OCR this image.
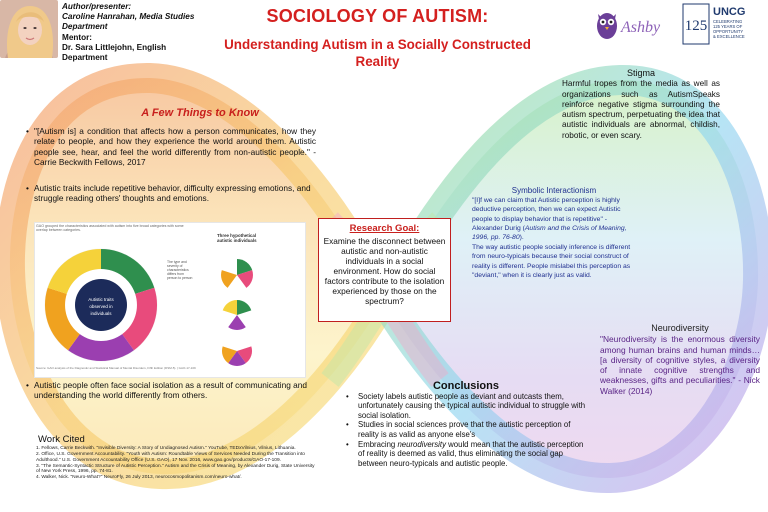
Author/presenter:
Caroline Hanrahan, Media Studies Department
Mentor:
Dr. Sara Littlejohn, English Department
SOCIOLOGY OF AUTISM:
Understanding Autism in a Socially Constructed Reality
Ashby 125
UNCG
CELEBRATING
125 YEARS OF
OPPORTUNITY
& EXCELLENCE
A Few Things to Know

• "[Autism is] a condition that affects how a person communicates, how they relate to people, and how they experience the world around them. Autistic people see, hear, and feel the world differently from non-autistic people." - Carrie Beckwith Fellows, 2017

• Autistic traits include repetitive behavior, difficulty expressing emotions, and struggle reading others' thoughts and emotions.

Autistic traits
observed in
individuals
Three hypothetical
autistic individuals
The type and
severity of
characteristics
differs from
person to person
GAO grouped the characteristics associated with autism into five broad categories with some overlap between categories.
Source: GAO analysis of the Diagnostic and Statistical Manual of Mental Disorders, Fifth Edition (DSM-5). | GAO-17-109

• Autistic people often face social isolation as a result of communicating and understanding the world differently from others.

Work Cited

1. Fellows, Carrie Beckwith. "Invisible Diversity: A Story of Undiagnosed Autism." YouTube, TEDxVilnius, Vilnius, Lithuania.

2. Office, U.S. Government Accountability. "Youth with Autism: Roundtable Views of Services Needed During the Transition into Adulthood." U.S. Government Accountability Office (U.S. GAO), 17 Nov. 2016, www.gao.gov/products/GAO-17-109.

3. "The Semantic-Syntactic Structure of Autistic Perception." Autism and the Crisis of Meaning, by Alexander Durig, State University of New York Press, 1996, pp. 74-81.

4. Walker, Nick. "Neuro-What?" NeuroFly, 26 July 2013, neurocosmopolitanism.com/neuro-what/.

Research Goal:
Examine the disconnect between autistic and non-autistic individuals in a social environment. How do social factors contribute to the isolation experienced by those on the spectrum?
Stigma
Harmful tropes from the media as well as organizations such as AutismSpeaks reinforce negative stigma surrounding the autism spectrum, perpetuating the idea that autistic individuals are abnormal, childish, robotic, or even scary.
Symbolic Interactionism

"[I]f we can claim that Autistic perception is highly deductive perception, then we can expect Autistic people to display behavior that is repetitive" - Alexander Durig (Autism and the Crisis of Meaning, 1996, pp. 76-80).

The way autistic people socially inference is different from neuro-typicals because their social construct of reality is different. People mislabel this perception as "deviant," when it is clearly just as valid.

Neurodiversity
"Neurodiversity is the enormous diversity among human brains and human minds…[a diversity of cognitive styles, a diversity of innate cognitive strengths and weaknesses, gifts and peculiarities." - Nick Walker (2014)
Conclusions

• Society labels autistic people as deviant and outcasts them, unfortunately causing the typical autistic individual to struggle with social isolation.

• Studies in social sciences prove that the autistic perception of reality is as valid as anyone else's

• Embracing neurodiversity would mean that the autistic perception of reality is deemed as valid, thus eliminating the social gap between neuro-typicals and autistic people.
